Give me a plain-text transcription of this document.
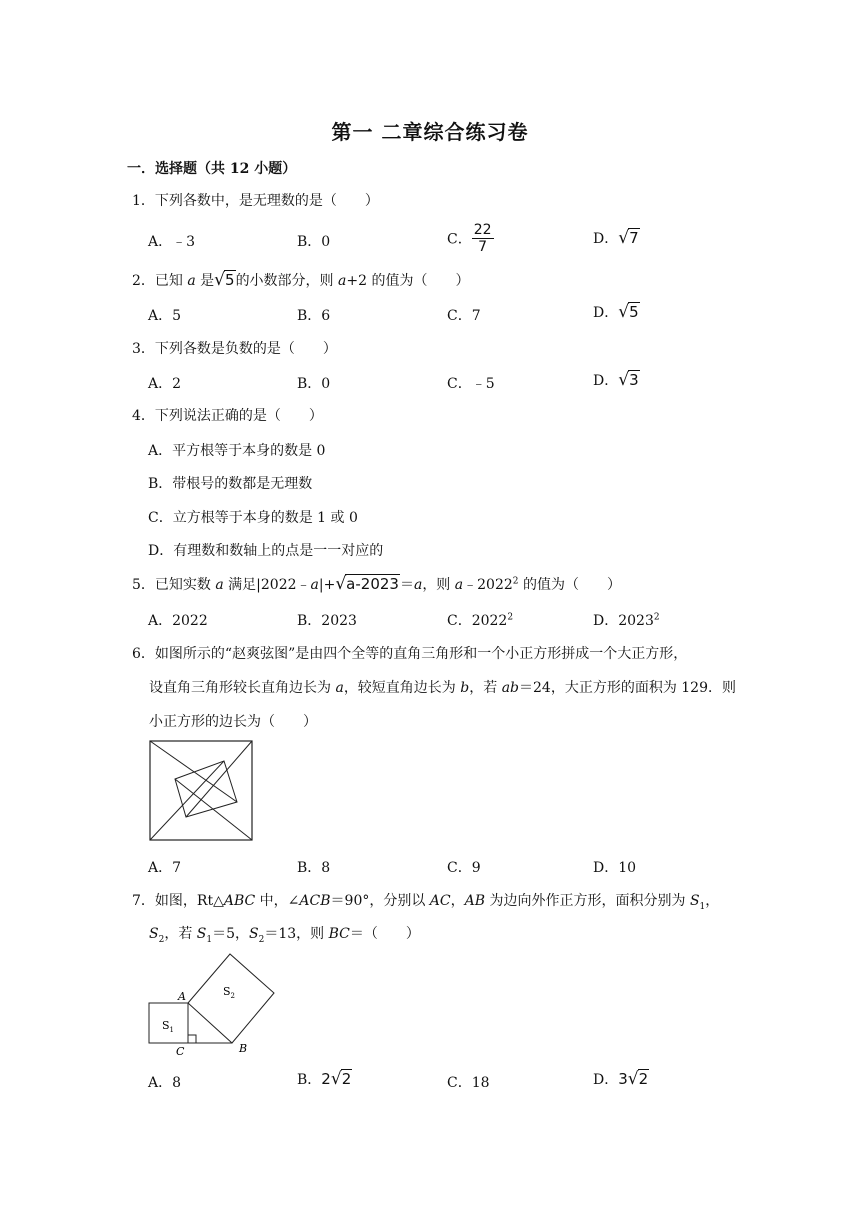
第一 二章综合练习卷
一．选择题（共 12 小题）
1．下列各数中，是无理数的是（　　）
A．﹣3	B．0	C． $\frac{22}{7}$	D．√7
2．已知 a 是√5的小数部分，则 a+2 的值为（　　）
A．5	B．6	C．7	D．√5
3．下列各数是负数的是（　　）
A．2	B．0	C．﹣5	D．√3
4．下列说法正确的是（　　）
A．平方根等于本身的数是 0
B．带根号的数都是无理数
C．立方根等于本身的数是 1 或 0
D．有理数和数轴上的点是一一对应的
5．已知实数 a 满足|2022﹣a|+√a-2023＝a，则 a﹣2022$^2$ 的值为（　　）
A．2022	B．2023	C．2022$^2$	D．2023$^2$
6．如图所示的“赵爽弦图”是由四个全等的直角三角形和一个小正方形拼成一个大正方形，
设直角三角形较长直角边长为 a，较短直角边长为 b，若 ab＝24，大正方形的面积为 129．则
小正方形的边长为（　　）
A．7	B．8	C．9	D．10
7．如图，Rt△ABC 中，∠ACB＝90°，分别以 AC，AB 为边向外作正方形，面积分别为 $S_1$，
$S_2$，若 $S_1=5$，$S_2=13$，则 BC＝（　　）
A
C	B
$S_1$
$S_2$
A．8	B．2√2	C．18	D．3√2
